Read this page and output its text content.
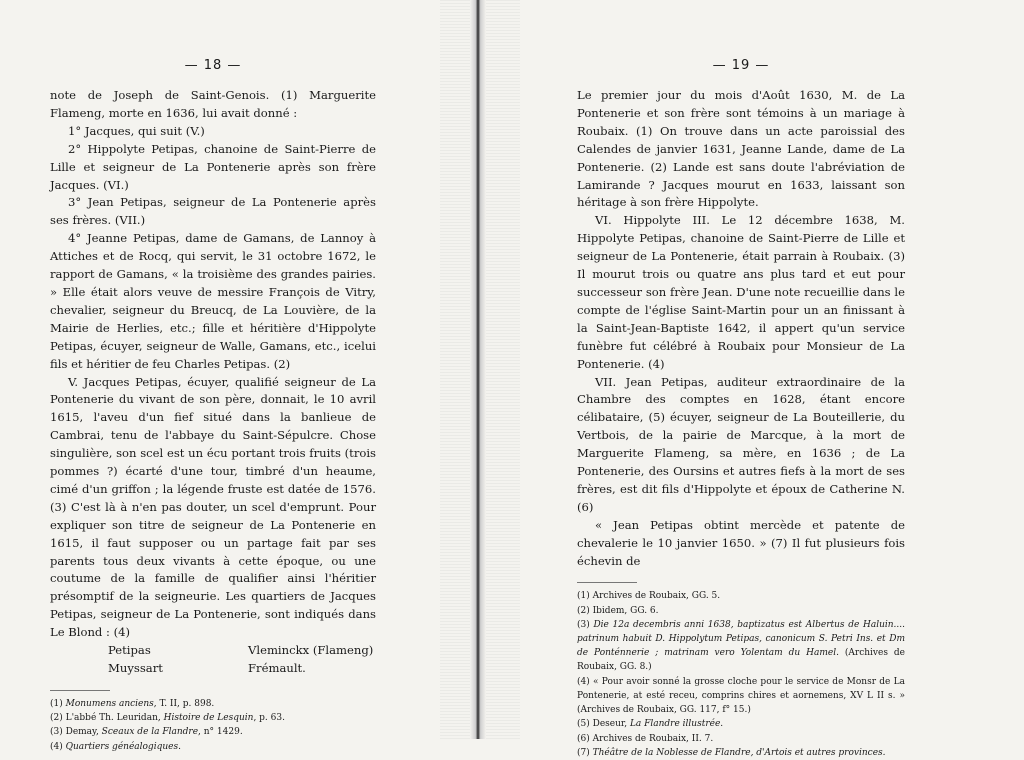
— 18 —

note de Joseph de Saint-Genois. (1) Marguerite Flameng, morte en 1636, lui avait donné :

1° Jacques, qui suit (V.)

2° Hippolyte Petipas, chanoine de Saint-Pierre de Lille et seigneur de La Pontenerie après son frère Jacques. (VI.)

3° Jean Petipas, seigneur de La Pontenerie après ses frères. (VII.)

4° Jeanne Petipas, dame de Gamans, de Lannoy à Attiches et de Rocq, qui servit, le 31 octobre 1672, le rapport de Gamans, « la troisième des grandes pairies. » Elle était alors veuve de messire François de Vitry, chevalier, seigneur du Breucq, de La Louvière, de la Mairie de Herlies, etc.; fille et héritière d'Hippolyte Petipas, écuyer, seigneur de Walle, Gamans, etc., icelui fils et héritier de feu Charles Petipas. (2)

V. Jacques Petipas, écuyer, qualifié seigneur de La Pontenerie du vivant de son père, donnait, le 10 avril 1615, l'aveu d'un fief situé dans la banlieue de Cambrai, tenu de l'abbaye du Saint-Sépulcre. Chose singulière, son scel est un écu portant trois fruits (trois pommes ?) écarté d'une tour, timbré d'un heaume, cimé d'un griffon ; la légende fruste est datée de 1576. (3) C'est là à n'en pas douter, un scel d'emprunt. Pour expliquer son titre de seigneur de La Pontenerie en 1615, il faut supposer ou un partage fait par ses parents tous deux vivants à cette époque, ou une coutume de la famille de qualifier ainsi l'héritier présomptif de la seigneurie. Les quartiers de Jacques Petipas, seigneur de La Pontenerie, sont indiqués dans Le Blond : (4)

Petipas	Vleminckx (Flameng)
Muyssart	Frémault.

(1) Monumens anciens, T. II, p. 898.

(2) L'abbé Th. Leuridan, Histoire de Lesquin, p. 63.

(3) Demay, Sceaux de la Flandre, n° 1429.

(4) Quartiers généalogiques.

— 19 —

Le premier jour du mois d'Août 1630, M. de La Pontenerie et son frère sont témoins à un mariage à Roubaix. (1) On trouve dans un acte paroissial des Calendes de janvier 1631, Jeanne Lande, dame de La Pontenerie. (2) Lande est sans doute l'abréviation de Lamirande ? Jacques mourut en 1633, laissant son héritage à son frère Hippolyte.

VI. Hippolyte III. Le 12 décembre 1638, M. Hippolyte Petipas, chanoine de Saint-Pierre de Lille et seigneur de La Pontenerie, était parrain à Roubaix. (3) Il mourut trois ou quatre ans plus tard et eut pour successeur son frère Jean. D'une note recueillie dans le compte de l'église Saint-Martin pour un an finissant à la Saint-Jean-Baptiste 1642, il appert qu'un service funèbre fut célébré à Roubaix pour Monsieur de La Pontenerie. (4)

VII. Jean Petipas, auditeur extraordinaire de la Chambre des comptes en 1628, étant encore célibataire, (5) écuyer, seigneur de La Bouteillerie, du Vertbois, de la pairie de Marcque, à la mort de Marguerite Flameng, sa mère, en 1636 ; de La Pontenerie, des Oursins et autres fiefs à la mort de ses frères, est dit fils d'Hippolyte et époux de Catherine N. (6)

« Jean Petipas obtint mercède et patente de chevalerie le 10 janvier 1650. » (7) Il fut plusieurs fois échevin de

(1) Archives de Roubaix, GG. 5.

(2) Ibidem, GG. 6.

(3) Die 12a decembris anni 1638, baptizatus est Albertus de Haluin.... patrinum habuit D. Hippolytum Petipas, canonicum S. Petri Ins. et Dm de Ponténnerie ; matrinam vero Yolentam du Hamel. (Archives de Roubaix, GG. 8.)

(4) « Pour avoir sonné la grosse cloche pour le service de Monsr de La Pontenerie, at esté receu, comprins chires et aornemens, XV L II s. » (Archives de Roubaix, GG. 117, f° 15.)

(5) Deseur, La Flandre illustrée.

(6) Archives de Roubaix, II. 7.

(7) Théâtre de la Noblesse de Flandre, d'Artois et autres provinces.
